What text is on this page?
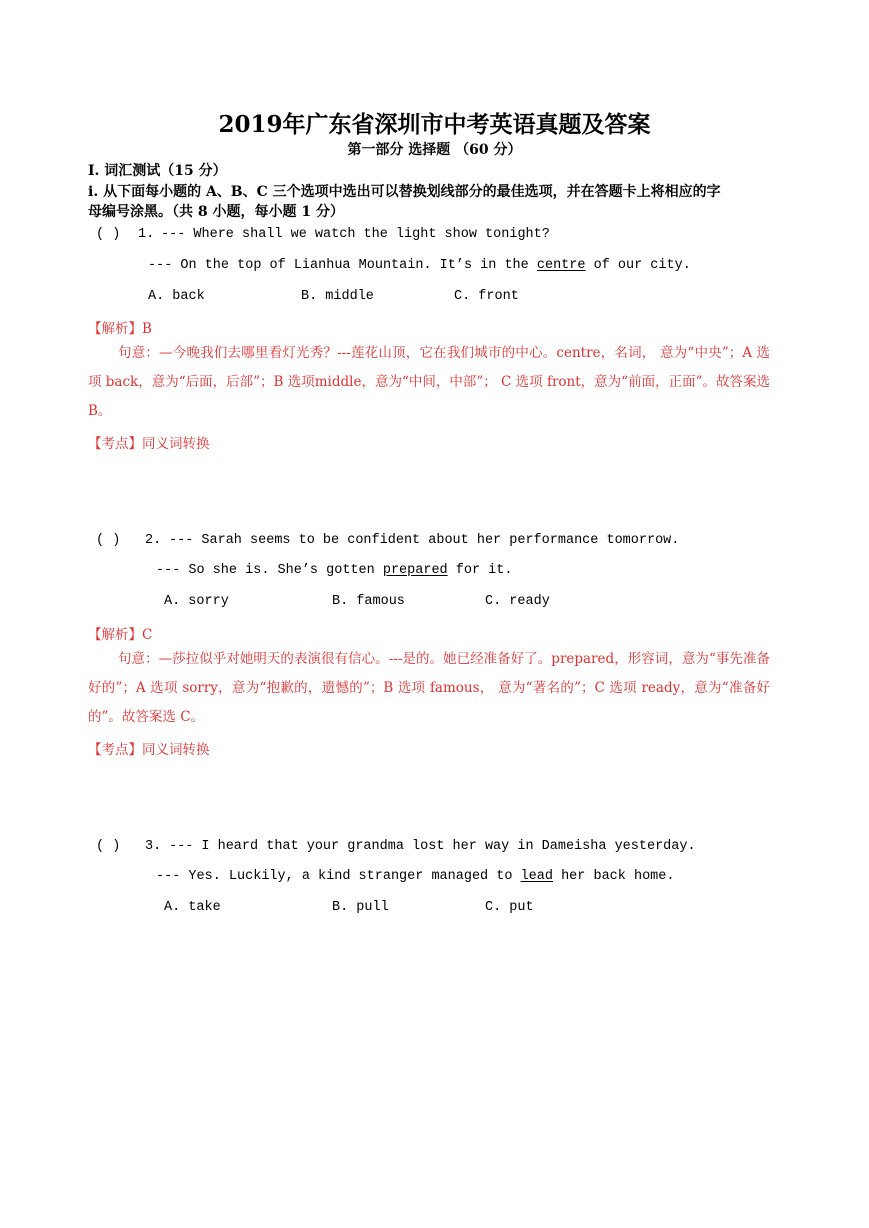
2019年广东省深圳市中考英语真题及答案
第一部分 选择题 （60 分）
I. 词汇测试（15 分）
i. 从下面每小题的 A、B、C 三个选项中选出可以替换划线部分的最佳选项，并在答题卡上将相应的字
母编号涂黑。（共 8 小题，每小题 1 分）
( ) 1. --- Where shall we watch the light show tonight?
--- On the top of Lianhua Mountain. It’s in the centre of our city.
A. back	B. middle	C. front
【解析】B
句意：—今晚我们去哪里看灯光秀？---莲花山顶，它在我们城市的中心。centre，名词， 意为“中央”；A 选项 back，意为“后面，后部”；B 选项middle，意为“中间，中部”； C 选项 front，意为“前面，正面”。故答案选 B。
【考点】同义词转换
( ) 2. --- Sarah seems to be confident about her performance tomorrow.
--- So she is. She’s gotten prepared for it.
A. sorry	B. famous	C. ready
【解析】C
句意：—莎拉似乎对她明天的表演很有信心。---是的。她已经准备好了。prepared，形容词，意为“事先准备好的”；A 选项 sorry，意为“抱歉的，遗憾的”；B 选项 famous， 意为“著名的”；C 选项 ready，意为“准备好的”。故答案选 C。
【考点】同义词转换
( ) 3. --- I heard that your grandma lost her way in Dameisha yesterday.
--- Yes. Luckily, a kind stranger managed to lead her back home.
A. take	B. pull	C. put
